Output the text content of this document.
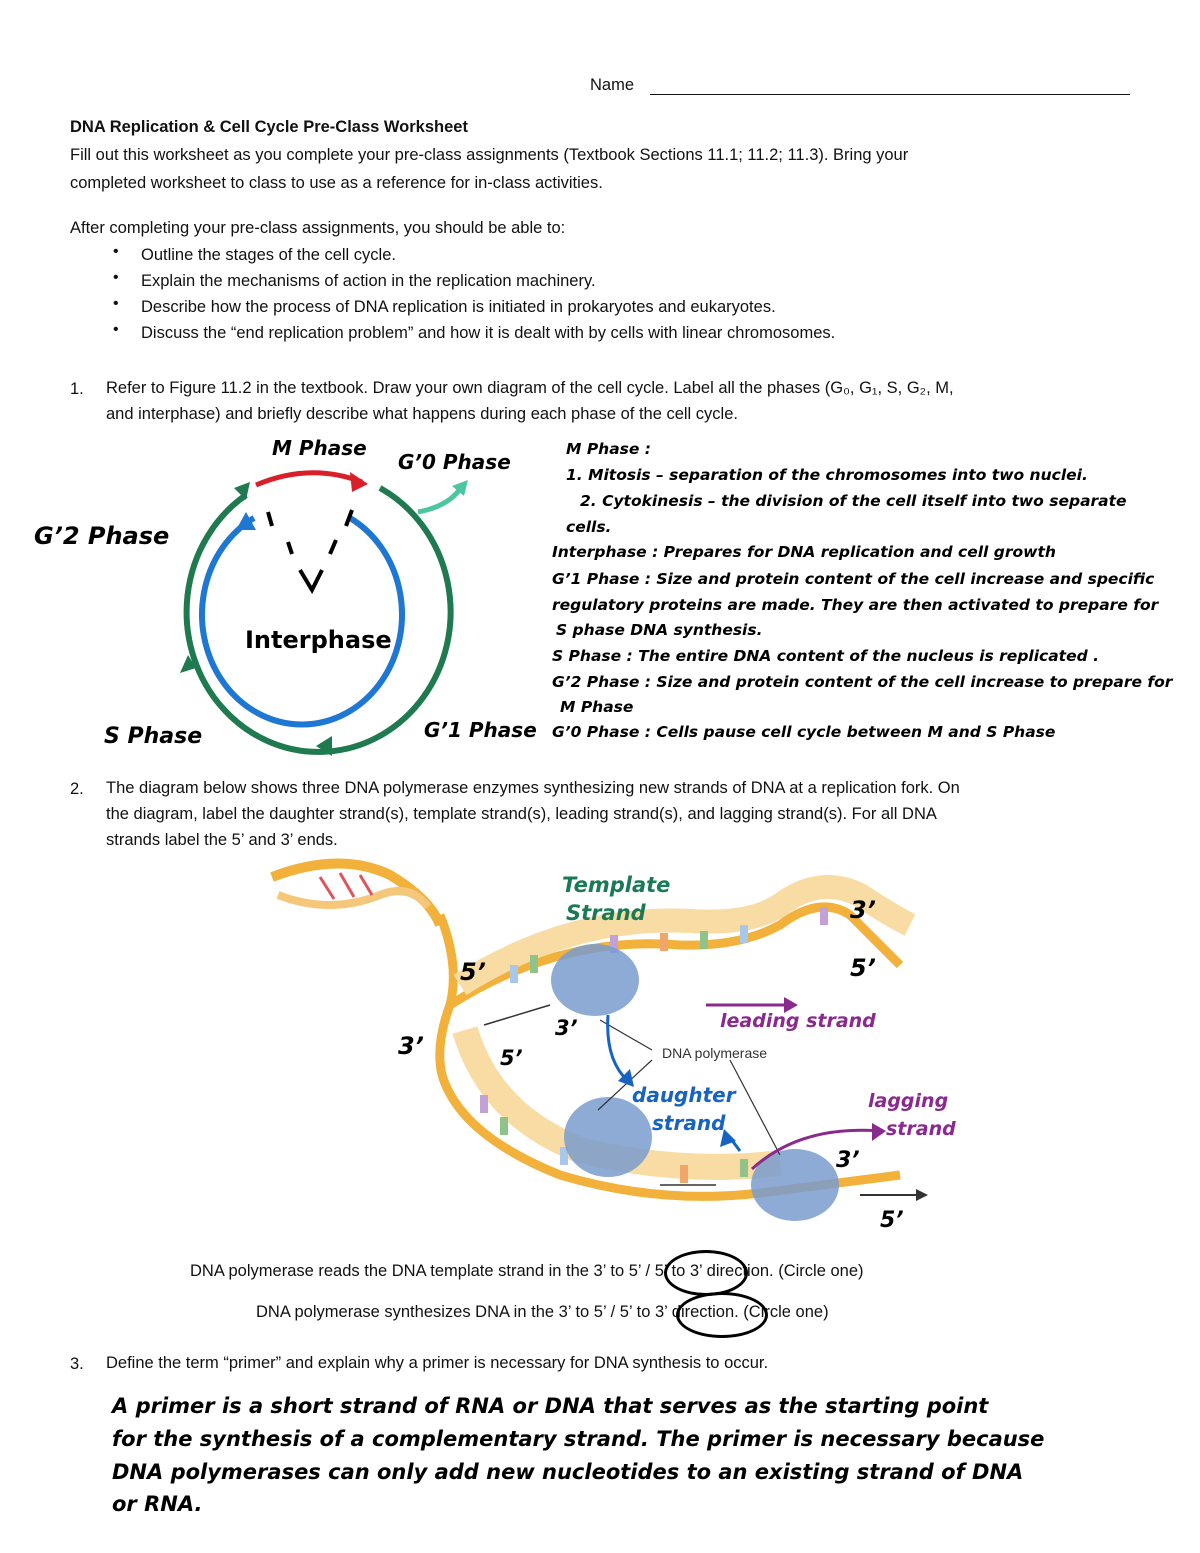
Name
DNA Replication & Cell Cycle Pre-Class Worksheet
Fill out this worksheet as you complete your pre-class assignments (Textbook Sections 11.1; 11.2; 11.3). Bring your
completed worksheet to class to use as a reference for in-class activities.
After completing your pre-class assignments, you should be able to:
• Outline the stages of the cell cycle.
• Explain the mechanisms of action in the replication machinery.
• Describe how the process of DNA replication is initiated in prokaryotes and eukaryotes.
• Discuss the “end replication problem” and how it is dealt with by cells with linear chromosomes.
1. Refer to Figure 11.2 in the textbook. Draw your own diagram of the cell cycle. Label all the phases (G₀, G₁, S, G₂, M,
and interphase) and briefly describe what happens during each phase of the cell cycle.
M Phase
G’0 Phase
G’2 Phase
Interphase
S Phase	G’1 Phase
M Phase :
1. Mitosis – separation of the chromosomes into two nuclei.
2. Cytokinesis – the division of the cell itself into two separate
cells.
Interphase : Prepares for DNA replication and cell growth
G’1 Phase : Size and protein content of the cell increase and specific
regulatory proteins are made. They are then activated to prepare for
S phase DNA synthesis.
S Phase : The entire DNA content of the nucleus is replicated .
G’2 Phase : Size and protein content of the cell increase to prepare for
M Phase
G’0 Phase : Cells pause cell cycle between M and S Phase
2. The diagram below shows three DNA polymerase enzymes synthesizing new strands of DNA at a replication fork. On
the diagram, label the daughter strand(s), template strand(s), leading strand(s), and lagging strand(s). For all DNA
strands label the 5’ and 3’ ends.
Template
Strand	3’
5’
5’
3’	leading strand
3’	5’	DNA polymerase
daughter
strand
lagging
strand
3’
5’
DNA polymerase reads the DNA template strand in the 3’ to 5’ / 5’ to 3’ direction. (Circle one)
DNA polymerase synthesizes DNA in the 3’ to 5’ / 5’ to 3’ direction. (Circle one)
3. Define the term “primer” and explain why a primer is necessary for DNA synthesis to occur.
A primer is a short strand of RNA or DNA that serves as the starting point
for the synthesis of a complementary strand. The primer is necessary because
DNA polymerases can only add new nucleotides to an existing strand of DNA
or RNA.
